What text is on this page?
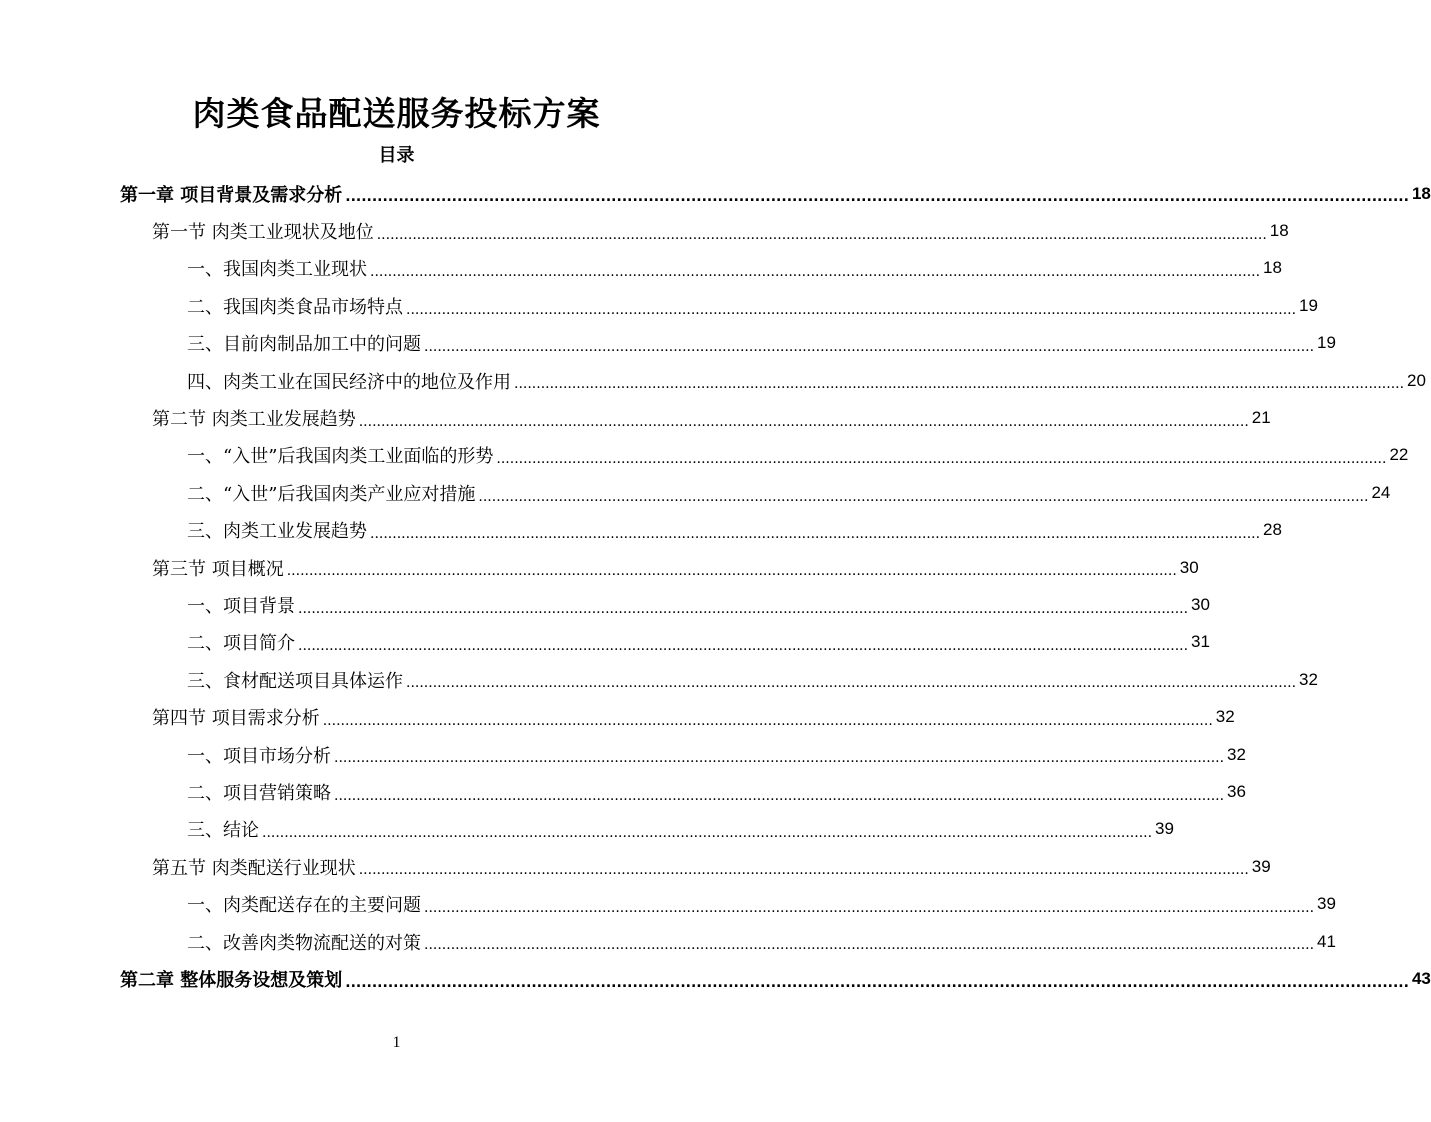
肉类食品配送服务投标方案
目录
第一章 项目背景及需求分析 ........................................................................................................................................................................................................ 18
第一节 肉类工业现状及地位 ........................................................................................................................................................................................................ 18
一、我国肉类工业现状 ........................................................................................................................................................................................................ 18
二、我国肉类食品市场特点 ........................................................................................................................................................................................................ 19
三、目前肉制品加工中的问题 ........................................................................................................................................................................................................ 19
四、肉类工业在国民经济中的地位及作用 ........................................................................................................................................................................................................ 20
第二节 肉类工业发展趋势 ........................................................................................................................................................................................................ 21
一、“入世”后我国肉类工业面临的形势 ........................................................................................................................................................................................................ 22
二、“入世”后我国肉类产业应对措施 ........................................................................................................................................................................................................ 24
三、肉类工业发展趋势 ........................................................................................................................................................................................................ 28
第三节 项目概况 ........................................................................................................................................................................................................ 30
一、项目背景 ........................................................................................................................................................................................................ 30
二、项目简介 ........................................................................................................................................................................................................ 31
三、食材配送项目具体运作 ........................................................................................................................................................................................................ 32
第四节 项目需求分析 ........................................................................................................................................................................................................ 32
一、项目市场分析 ........................................................................................................................................................................................................ 32
二、项目营销策略 ........................................................................................................................................................................................................ 36
三、结论 ........................................................................................................................................................................................................ 39
第五节 肉类配送行业现状 ........................................................................................................................................................................................................ 39
一、肉类配送存在的主要问题 ........................................................................................................................................................................................................ 39
二、改善肉类物流配送的对策 ........................................................................................................................................................................................................ 41
第二章 整体服务设想及策划 ........................................................................................................................................................................................................ 43
1
